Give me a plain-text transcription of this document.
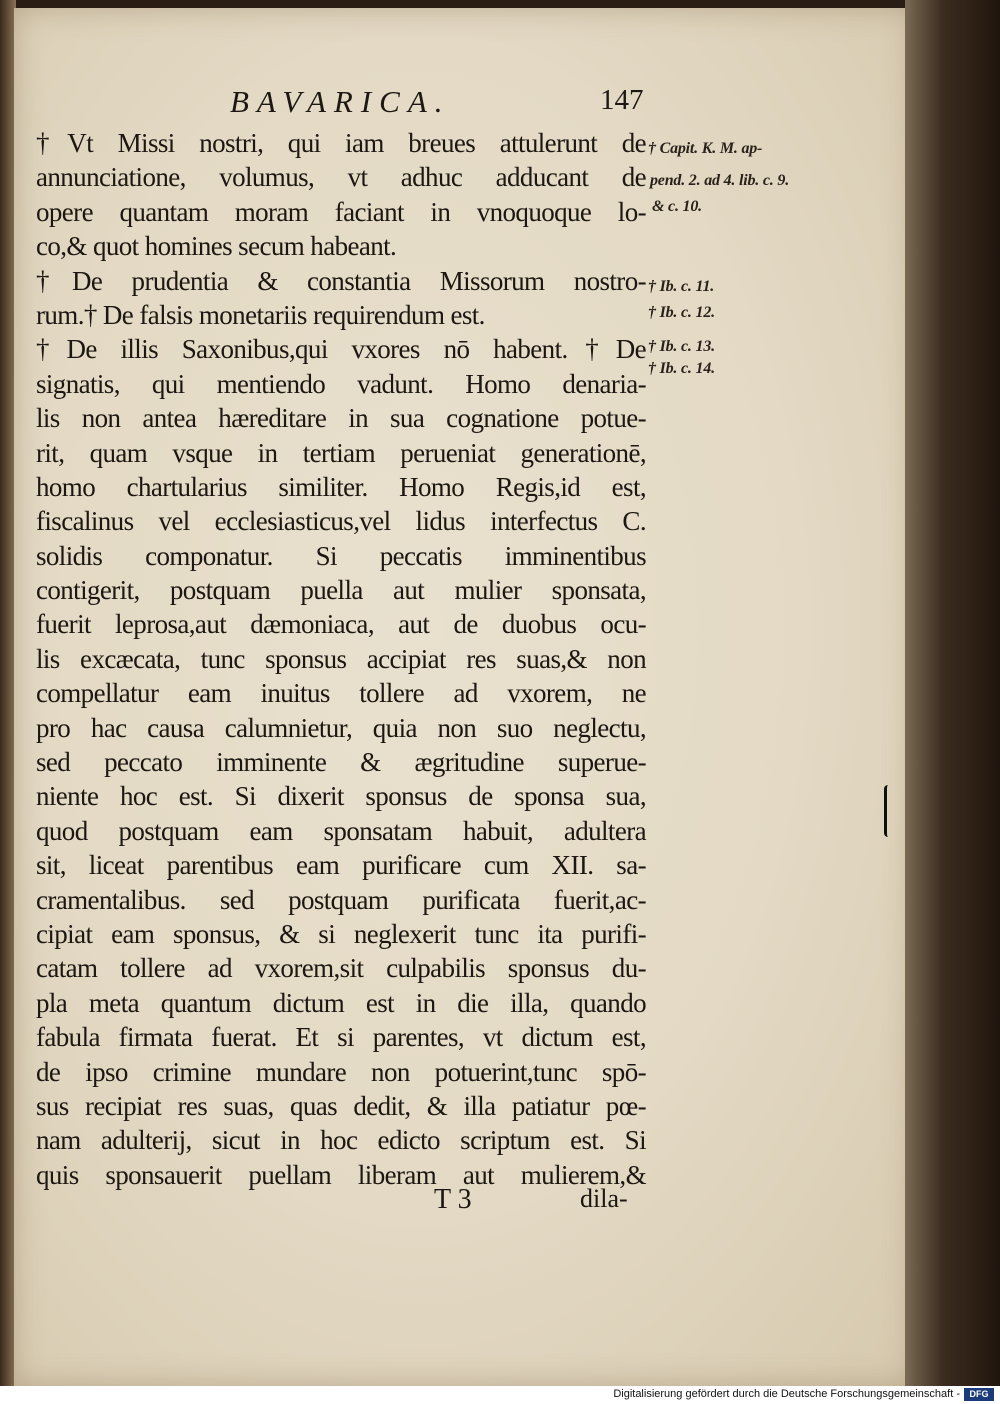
BAVARICA.	147
†Vt Missi nostri, qui iam breues attulerunt de
annunciatione, volumus, vt adhuc adducant de
opere quantam moram faciant in vnoquoque lo-
co,& quot homines secum habeant.
†De prudentia & constantia Missorum nostro-
rum.† De falsis monetariis requirendum est.
†De illis Saxonibus,qui vxores nō habent.†De
signatis, qui mentiendo vadunt. Homo denaria-
lis non antea hæreditare in sua cognatione potue-
rit, quam vsque in tertiam perueniat generationē,
homo chartularius similiter. Homo Regis,id est,
fiscalinus vel ecclesiasticus,vel lidus interfectus C.
solidis componatur. Si peccatis imminentibus
contigerit, postquam puella aut mulier sponsata,
fuerit leprosa,aut dæmoniaca, aut de duobus ocu-
lis excæcata, tunc sponsus accipiat res suas,& non
compellatur eam inuitus tollere ad vxorem, ne
pro hac causa calumnietur, quia non suo neglectu,
sed peccato imminente & ægritudine superue-
niente hoc est. Si dixerit sponsus de sponsa sua,
quod postquam eam sponsatam habuit, adultera
sit, liceat parentibus eam purificare cum XII. sa-
cramentalibus. sed postquam purificata fuerit,ac-
cipiat eam sponsus, & si neglexerit tunc ita purifi-
catam tollere ad vxorem,sit culpabilis sponsus du-
pla meta quantum dictum est in die illa, quando
fabula firmata fuerat. Et si parentes, vt dictum est,
de ipso crimine mundare non potuerint,tunc spō-
sus recipiat res suas, quas dedit, & illa patiatur pœ-
nam adulterij, sicut in hoc edicto scriptum est. Si
quis sponsauerit puellam liberam aut mulierem,&
† Capit. K. M. ap-
pend. 2. ad 4. lib. c. 9.
& c. 10.
† Ib. c. 11.
† Ib. c. 12.
† Ib. c. 13.
† Ib. c. 14.
T 3	dila-
Digitalisierung gefördert durch die Deutsche Forschungsgemeinschaft -	DFG
